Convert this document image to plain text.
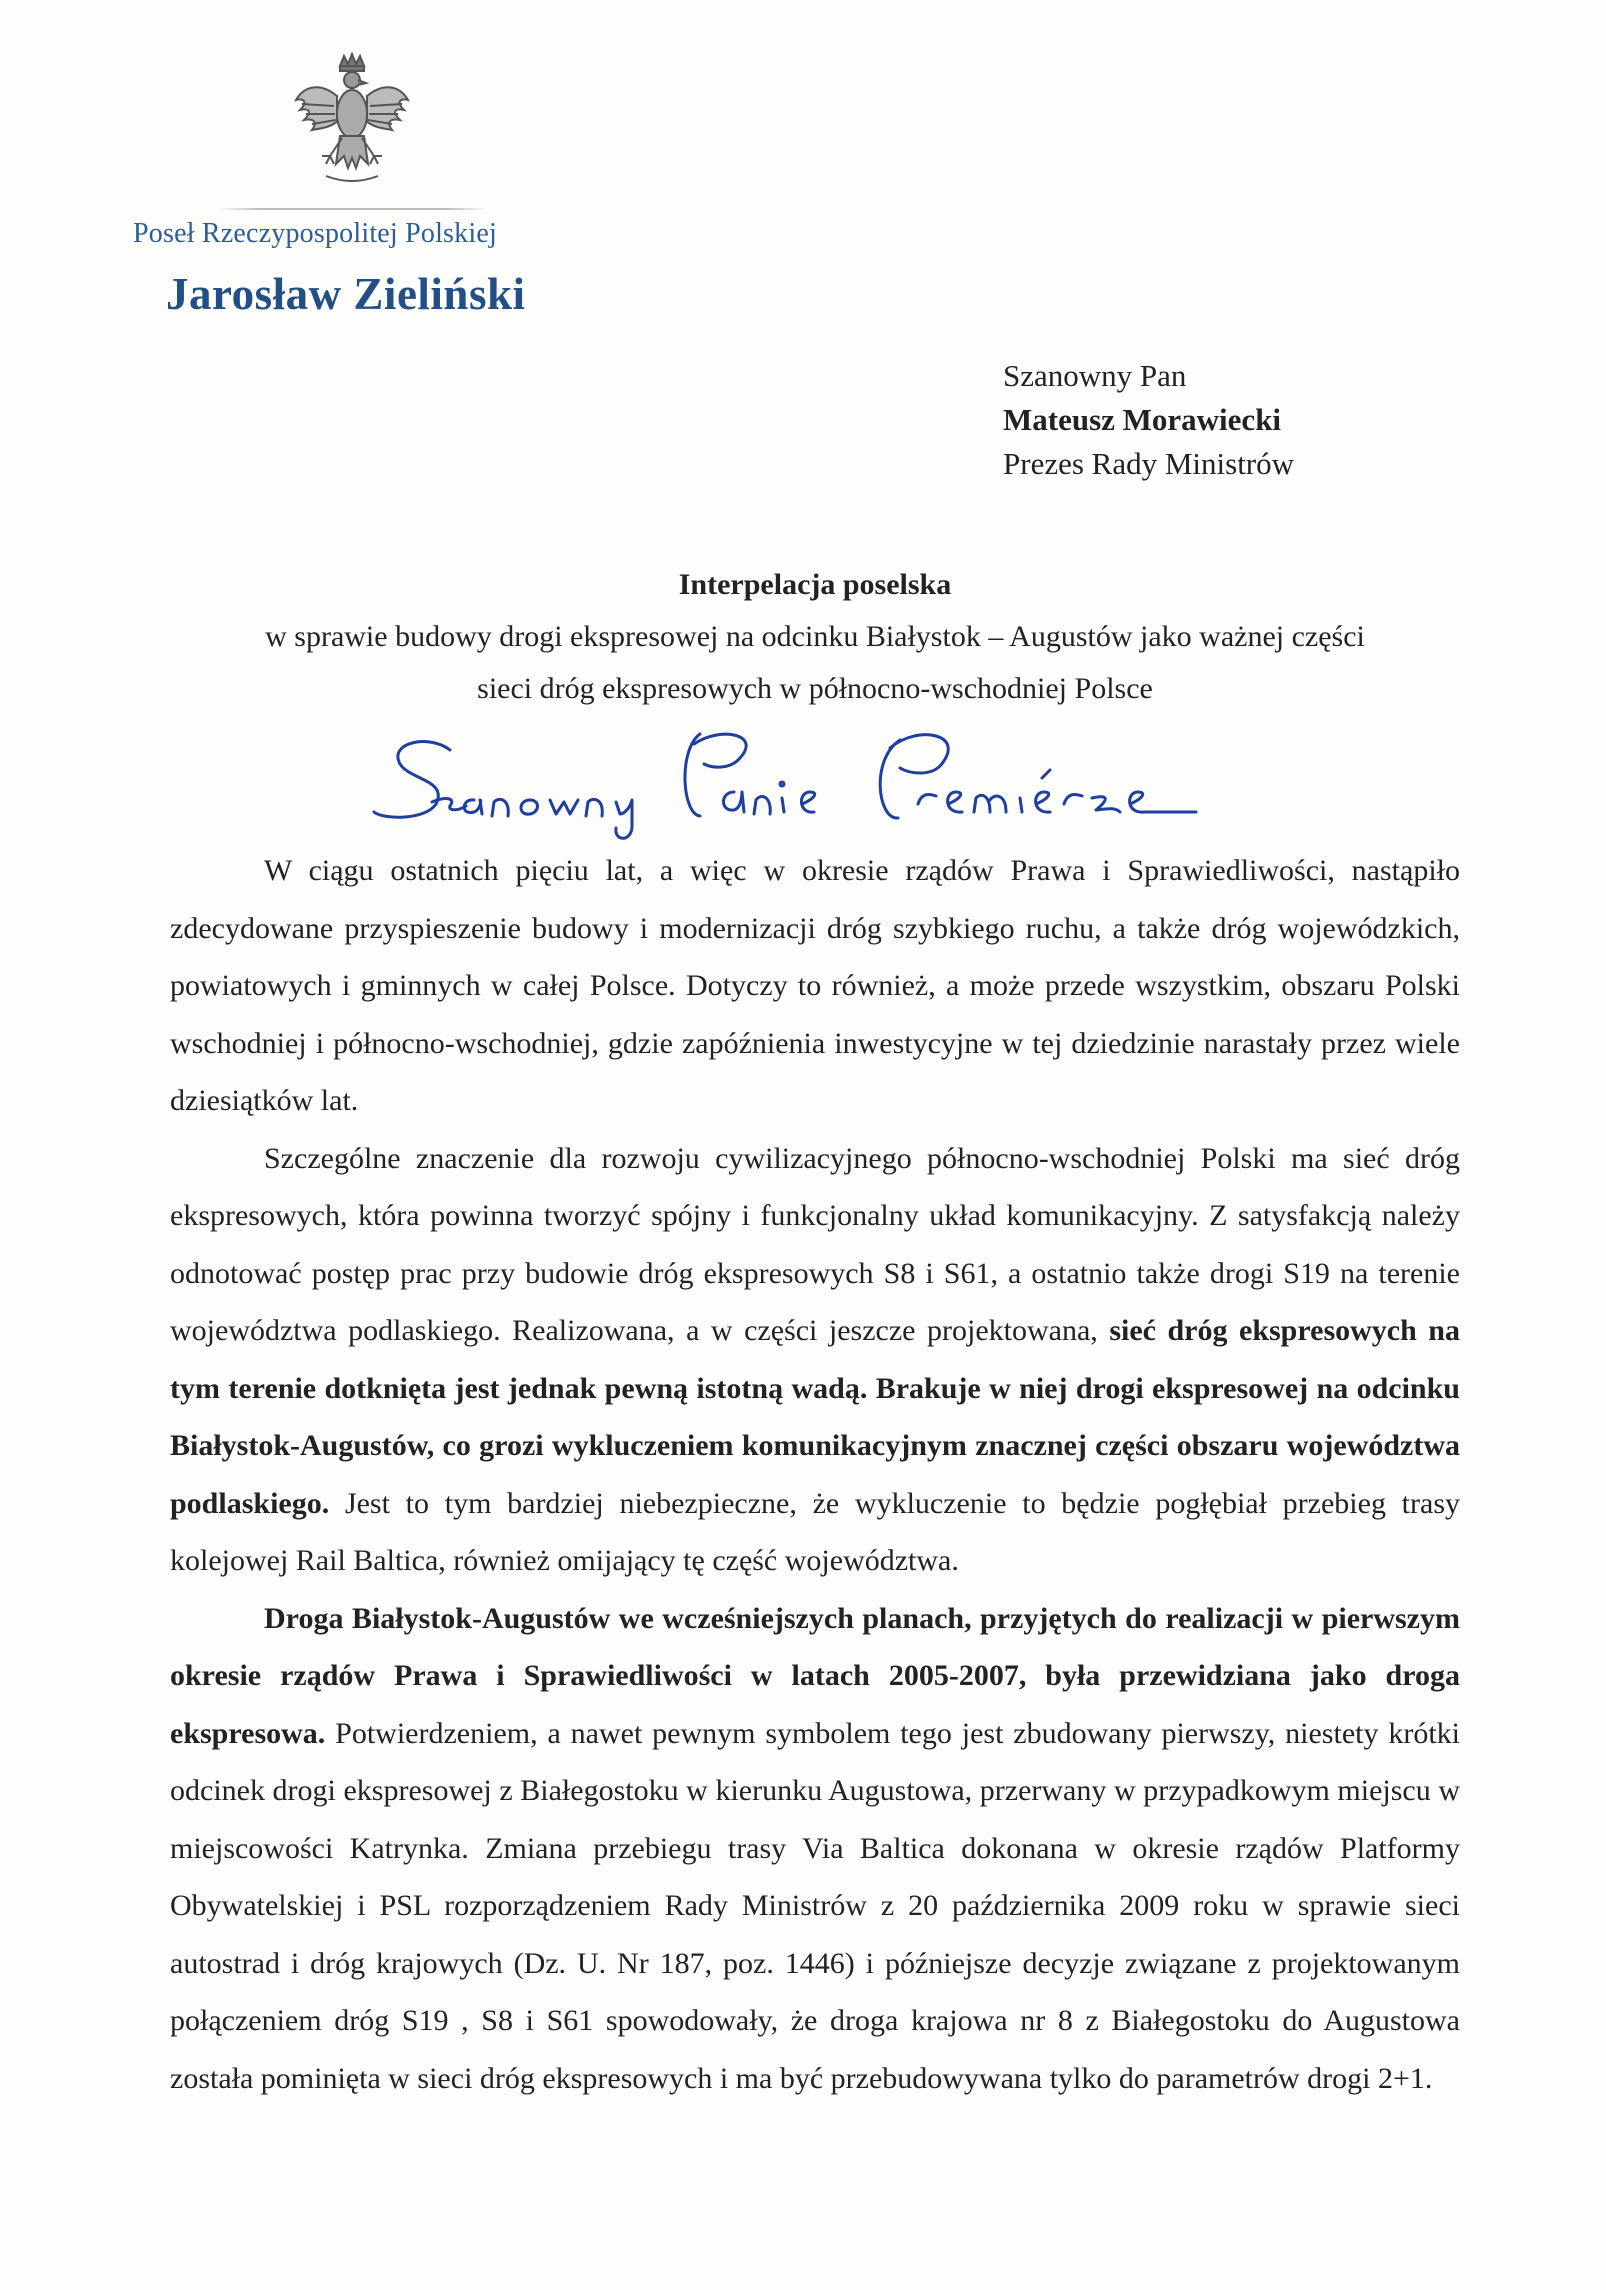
Poseł Rzeczypospolitej Polskiej
Jarosław Zieliński
Szanowny Pan
Mateusz Morawiecki
Prezes Rady Ministrów
Interpelacja poselska
w sprawie budowy drogi ekspresowej na odcinku Białystok – Augustów jako ważnej części
sieci dróg ekspresowych w północno-wschodniej Polsce

W ciągu ostatnich pięciu lat, a więc w okresie rządów Prawa i Sprawiedliwości, nastąpiło zdecydowane przyspieszenie budowy i modernizacji dróg szybkiego ruchu, a także dróg wojewódzkich, powiatowych i gminnych w całej Polsce. Dotyczy to również, a może przede wszystkim, obszaru Polski wschodniej i północno-wschodniej, gdzie zapóźnienia inwestycyjne w tej dziedzinie narastały przez wiele dziesiątków lat.

Szczególne znaczenie dla rozwoju cywilizacyjnego północno-wschodniej Polski ma sieć dróg ekspresowych, która powinna tworzyć spójny i funkcjonalny układ komunikacyjny. Z satysfakcją należy odnotować postęp prac przy budowie dróg ekspresowych S8 i S61, a ostatnio także drogi S19 na terenie województwa podlaskiego. Realizowana, a w części jeszcze projektowana, sieć dróg ekspresowych na tym terenie dotknięta jest jednak pewną istotną wadą. Brakuje w niej drogi ekspresowej na odcinku Białystok-Augustów, co grozi wykluczeniem komunikacyjnym znacznej części obszaru województwa podlaskiego. Jest to tym bardziej niebezpieczne, że wykluczenie to będzie pogłębiał przebieg trasy kolejowej Rail Baltica, również omijający tę część województwa.

Droga Białystok-Augustów we wcześniejszych planach, przyjętych do realizacji w pierwszym okresie rządów Prawa i Sprawiedliwości w latach 2005-2007, była przewidziana jako droga ekspresowa. Potwierdzeniem, a nawet pewnym symbolem tego jest zbudowany pierwszy, niestety krótki odcinek drogi ekspresowej z Białegostoku w kierunku Augustowa, przerwany w przypadkowym miejscu w miejscowości Katrynka. Zmiana przebiegu trasy Via Baltica dokonana w okresie rządów Platformy Obywatelskiej i PSL rozporządzeniem Rady Ministrów z 20 października 2009 roku w sprawie sieci autostrad i dróg krajowych (Dz. U. Nr 187, poz. 1446) i późniejsze decyzje związane z projektowanym połączeniem dróg S19 , S8 i S61 spowodowały, że droga krajowa nr 8 z Białegostoku do Augustowa została pominięta w sieci dróg ekspresowych i ma być przebudowywana tylko do parametrów drogi 2+1.
